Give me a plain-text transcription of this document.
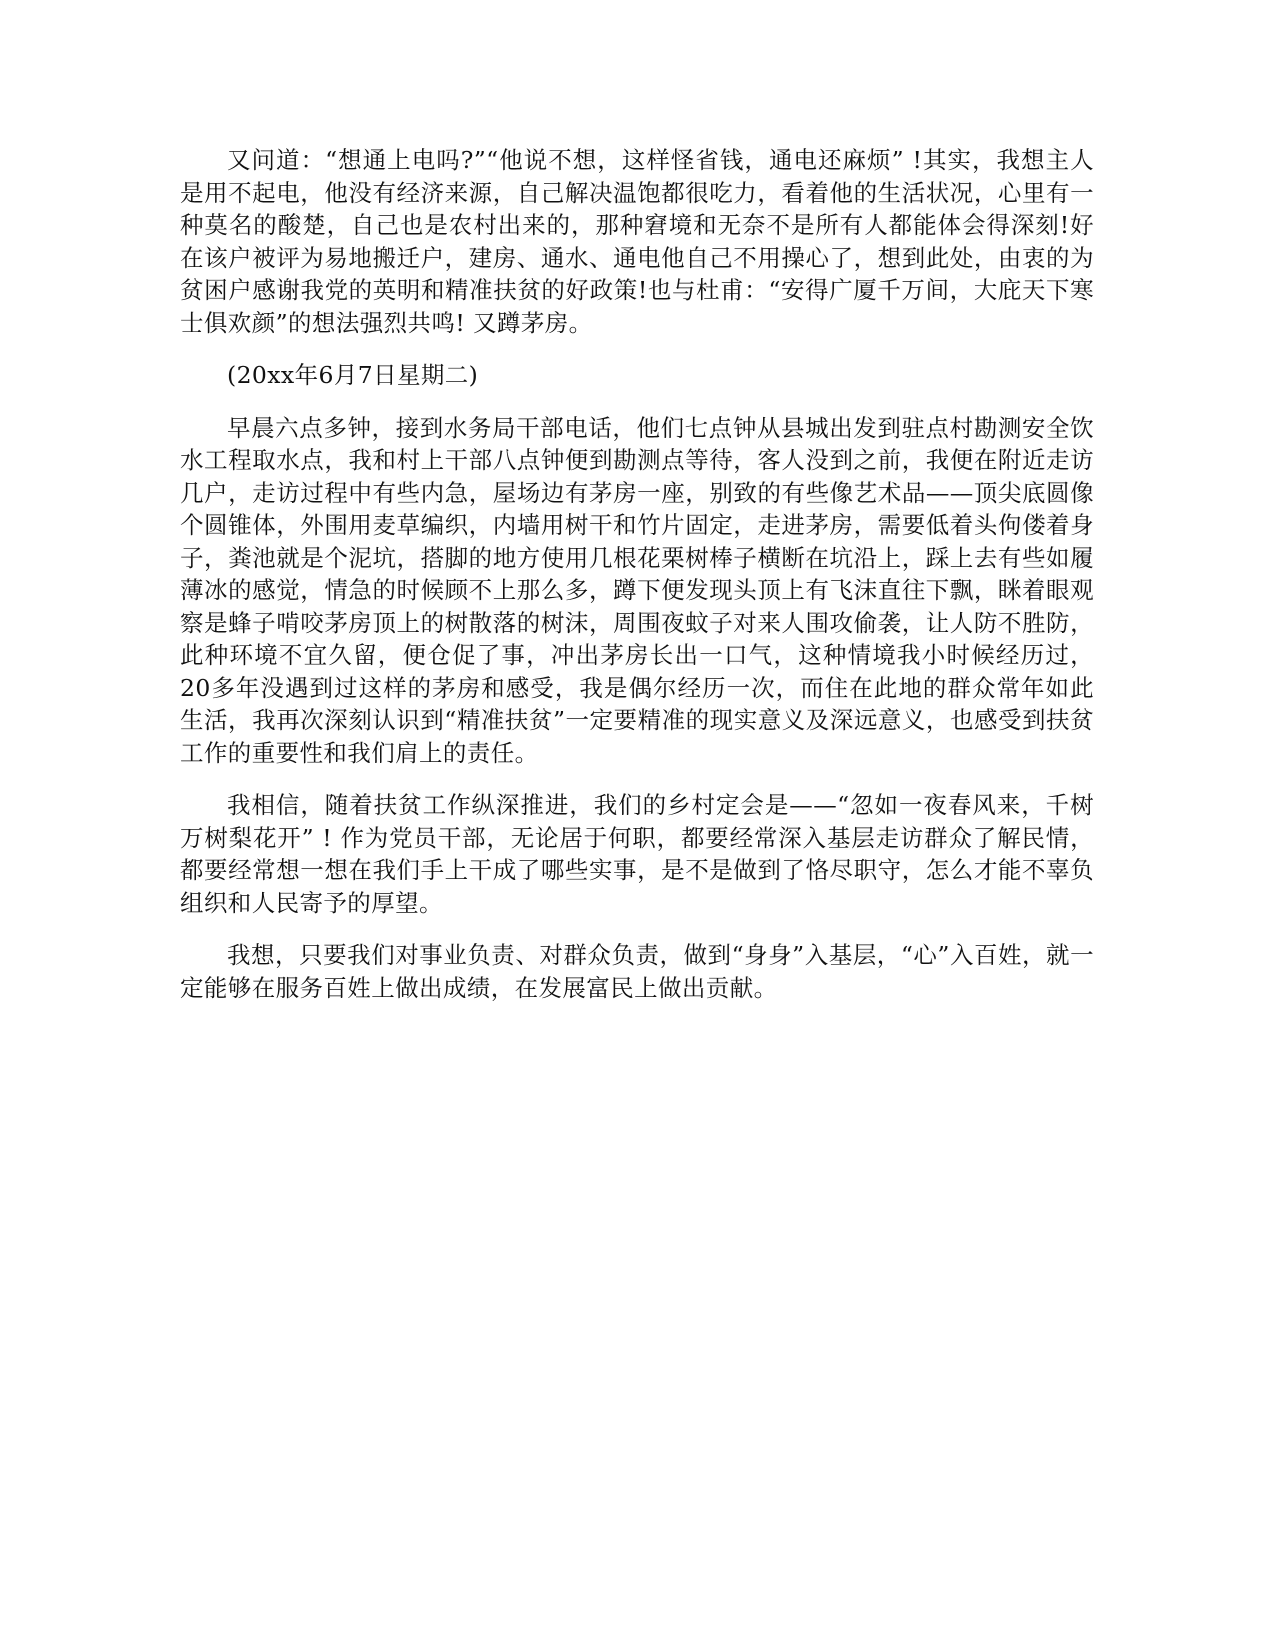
又问道：“想通上电吗?”“他说不想，这样怪省钱，通电还麻烦” !其实，我想主人是用不起电，他没有经济来源，自己解决温饱都很吃力，看着他的生活状况，心里有一种莫名的酸楚，自己也是农村出来的，那种窘境和无奈不是所有人都能体会得深刻!好在该户被评为易地搬迁户，建房、通水、通电他自己不用操心了，想到此处，由衷的为贫困户感谢我党的英明和精准扶贫的好政策!也与杜甫：“安得广厦千万间，大庇天下寒士俱欢颜”的想法强烈共鸣! 又蹲茅房。

(20xx年6月7日星期二)

早晨六点多钟，接到水务局干部电话，他们七点钟从县城出发到驻点村勘测安全饮水工程取水点，我和村上干部八点钟便到勘测点等待，客人没到之前，我便在附近走访几户，走访过程中有些内急，屋场边有茅房一座，别致的有些像艺术品——顶尖底圆像个圆锥体，外围用麦草编织，内墙用树干和竹片固定，走进茅房，需要低着头佝偻着身子，粪池就是个泥坑，搭脚的地方使用几根花栗树棒子横断在坑沿上，踩上去有些如履薄冰的感觉，情急的时候顾不上那么多，蹲下便发现头顶上有飞沫直往下飘，眯着眼观察是蜂子啃咬茅房顶上的树散落的树沫，周围夜蚊子对来人围攻偷袭，让人防不胜防，此种环境不宜久留，便仓促了事，冲出茅房长出一口气，这种情境我小时候经历过，20多年没遇到过这样的茅房和感受，我是偶尔经历一次，而住在此地的群众常年如此生活，我再次深刻认识到“精准扶贫”一定要精准的现实意义及深远意义，也感受到扶贫工作的重要性和我们肩上的责任。

我相信，随着扶贫工作纵深推进，我们的乡村定会是——“忽如一夜春风来，千树万树梨花开” ! 作为党员干部，无论居于何职，都要经常深入基层走访群众了解民情，都要经常想一想在我们手上干成了哪些实事，是不是做到了恪尽职守，怎么才能不辜负组织和人民寄予的厚望。

我想，只要我们对事业负责、对群众负责，做到“身身”入基层，“心”入百姓，就一定能够在服务百姓上做出成绩，在发展富民上做出贡献。
